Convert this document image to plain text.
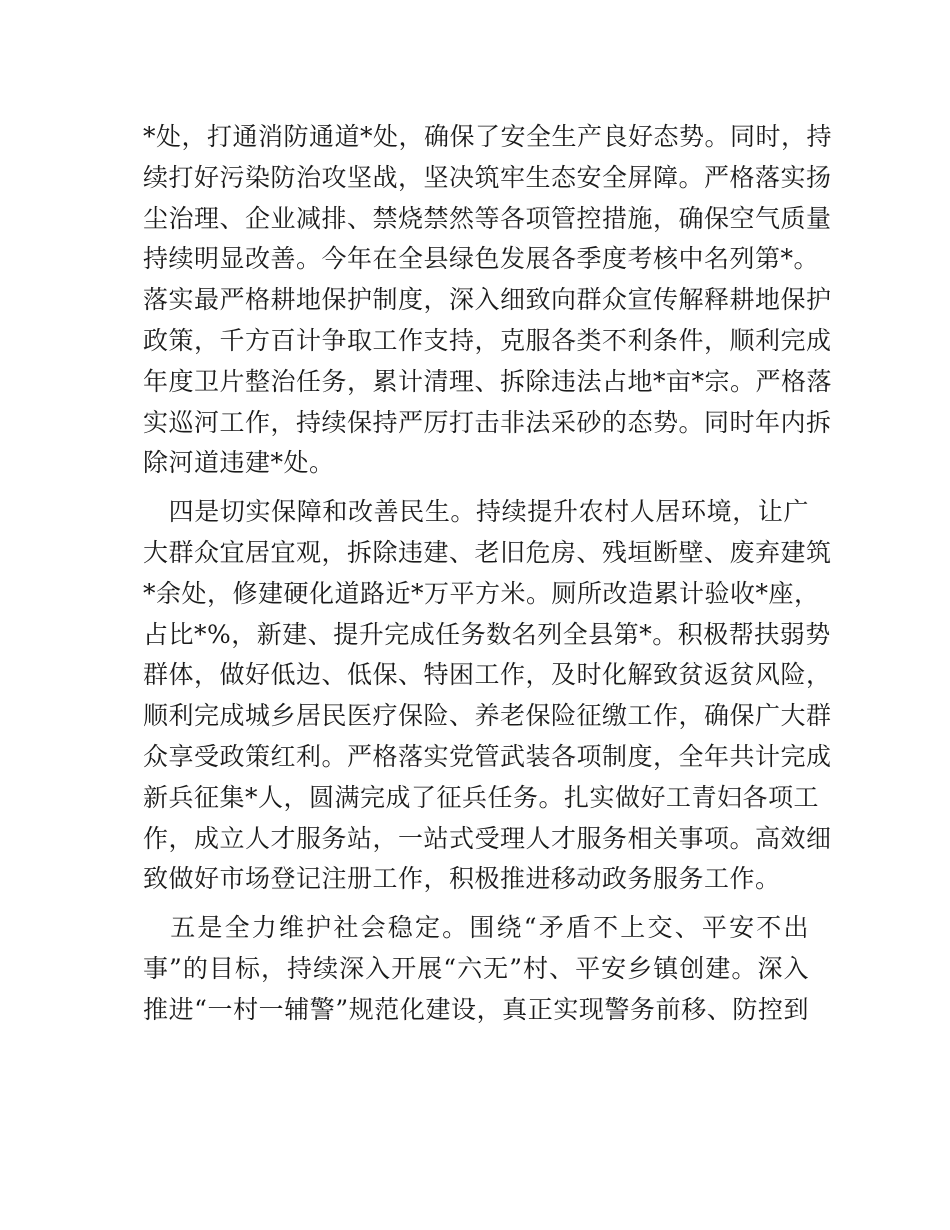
*处，打通消防通道*处，确保了安全生产良好态势。同时，持
续打好污染防治攻坚战，坚决筑牢生态安全屏障。严格落实扬
尘治理、企业减排、禁烧禁然等各项管控措施，确保空气质量
持续明显改善。今年在全县绿色发展各季度考核中名列第*。
落实最严格耕地保护制度，深入细致向群众宣传解释耕地保护
政策，千方百计争取工作支持，克服各类不利条件，顺利完成
年度卫片整治任务，累计清理、拆除违法占地*亩*宗。严格落
实巡河工作，持续保持严厉打击非法采砂的态势。同时年内拆
除河道违建*处。
　四是切实保障和改善民生。持续提升农村人居环境，让广
大群众宜居宜观，拆除违建、老旧危房、残垣断壁、废弃建筑
*余处，修建硬化道路近*万平方米。厕所改造累计验收*座，
占比*%，新建、提升完成任务数名列全县第*。积极帮扶弱势
群体，做好低边、低保、特困工作，及时化解致贫返贫风险，
顺利完成城乡居民医疗保险、养老保险征缴工作，确保广大群
众享受政策红利。严格落实党管武装各项制度，全年共计完成
新兵征集*人，圆满完成了征兵任务。扎实做好工青妇各项工
作，成立人才服务站，一站式受理人才服务相关事项。高效细
致做好市场登记注册工作，积极推进移动政务服务工作。
　五是全力维护社会稳定。围绕“矛盾不上交、平安不出
事”的目标，持续深入开展“六无”村、平安乡镇创建。深入
推进“一村一辅警”规范化建设，真正实现警务前移、防控到
